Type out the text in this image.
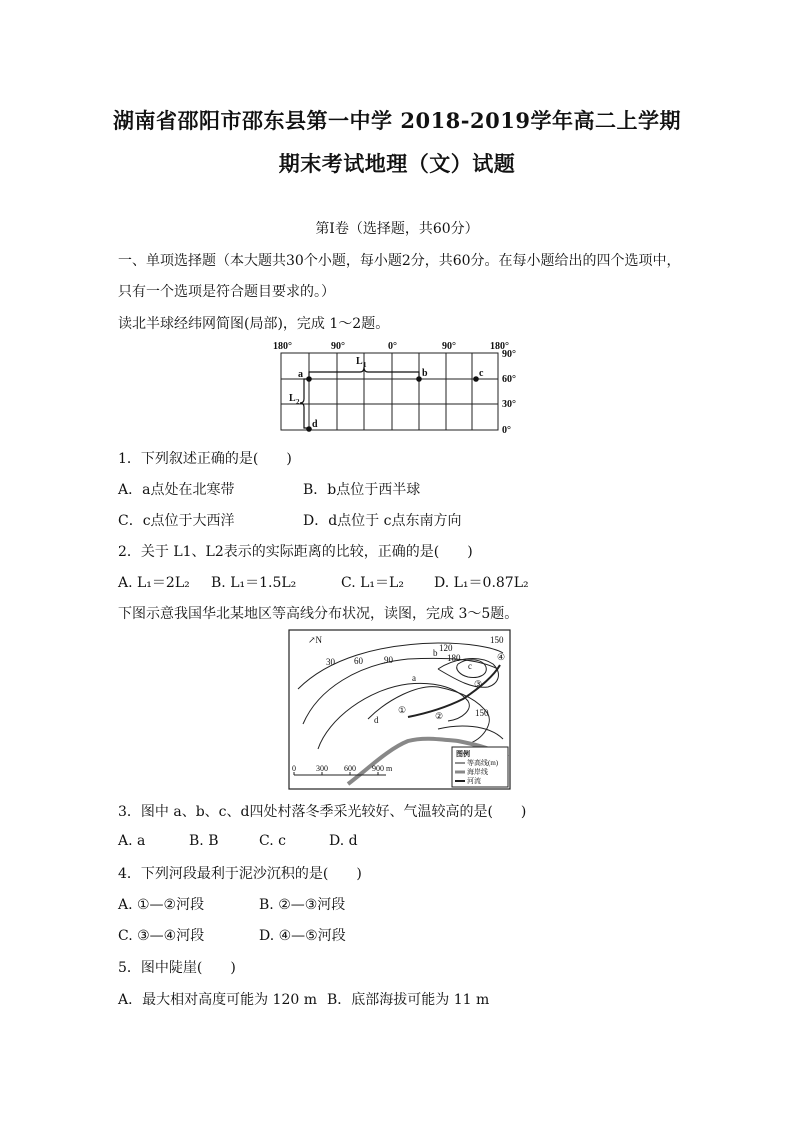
湖南省邵阳市邵东县第一中学 2018-2019学年高二上学期
期末考试地理（文）试题
第Ⅰ卷（选择题，共60分）
一、单项选择题（本大题共30个小题，每小题2分，共60分。在每小题给出的四个选项中，
只有一个选项是符合题目要求的。）
读北半球经纬网简图(局部)，完成 1～2题。
180°	90°	0°	90°	180°
90°
60°
30°
0°
a	b	c
d
L 1
L 2
1．下列叙述正确的是(　　)
A．a点处在北寒带	B．b点位于西半球
C．c点位于大西洋	D．d点位于 c点东南方向
2．关于 L1、L2表示的实际距离的比较，正确的是(　　)
A. L₁＝2L₂ B. L₁＝1.5L₂	C. L₁＝L₂ D. L₁＝0.87L₂
下图示意我国华北某地区等高线分布状况，读图，完成 3～5题。
↗N
30 60 90
120
180
150
150
a
b
c
d
①
②
③
④
0	300 600 900 m
图例
等高线(m)
海岸线
河流
3．图中 a、b、c、d四处村落冬季采光较好、气温较高的是(　　)
A. a	B. B	C. c	D. d
4．下列河段最利于泥沙沉积的是(　　)
A. ①—②河段	B. ②—③河段
C. ③—④河段	D. ④—⑤河段
5．图中陡崖(　　)
A．最大相对高度可能为 120 m B．底部海拔可能为 11 m
